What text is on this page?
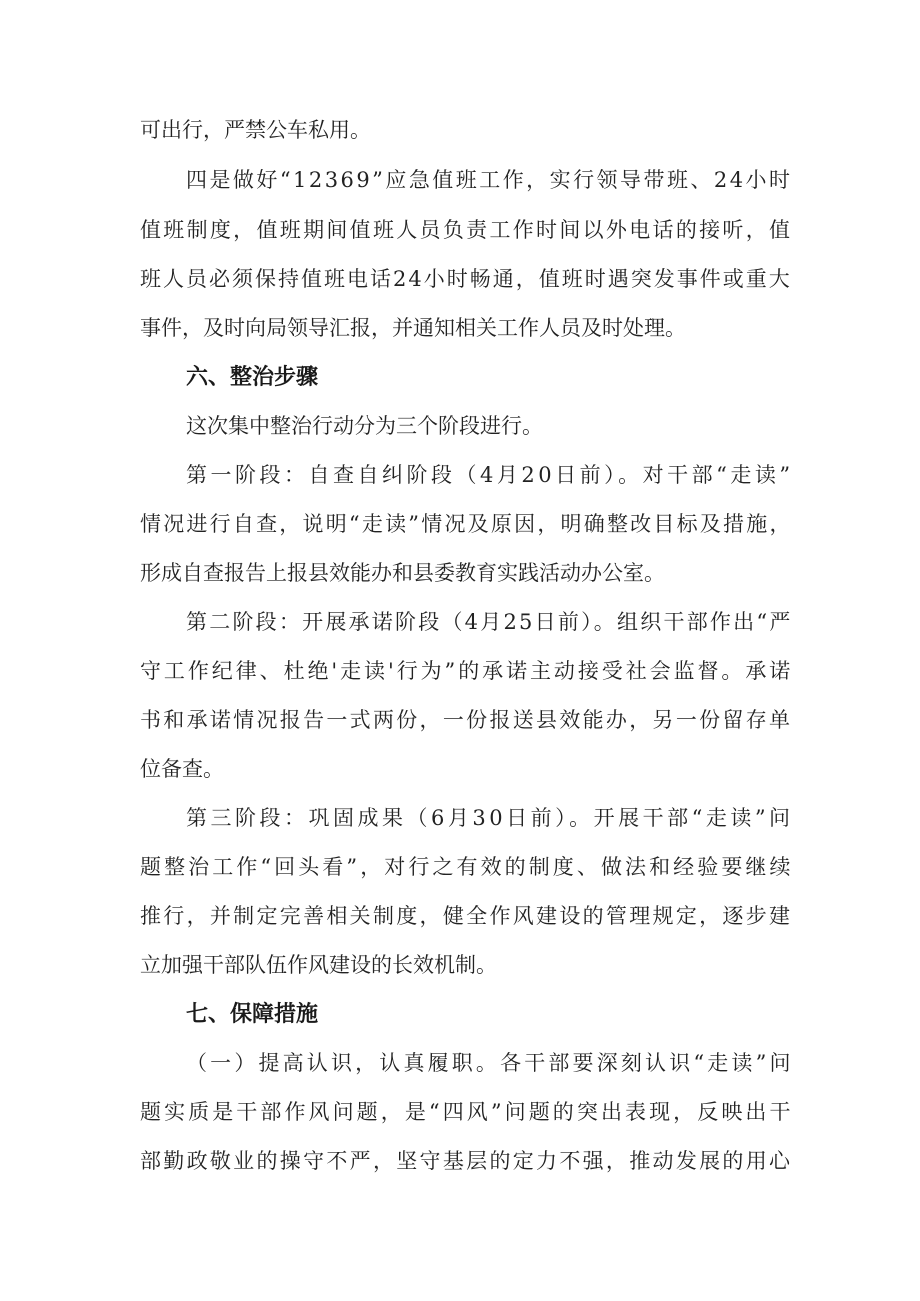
可出行，严禁公车私用。
四是做好“12369”应急值班工作，实行领导带班、24小时
值班制度，值班期间值班人员负责工作时间以外电话的接听，值
班人员必须保持值班电话24小时畅通，值班时遇突发事件或重大
事件，及时向局领导汇报，并通知相关工作人员及时处理。
六、整治步骤
这次集中整治行动分为三个阶段进行。
第一阶段：自查自纠阶段（4月20日前）。对干部“走读”
情况进行自查，说明“走读”情况及原因，明确整改目标及措施，
形成自查报告上报县效能办和县委教育实践活动办公室。
第二阶段：开展承诺阶段（4月25日前）。组织干部作出“严
守工作纪律、杜绝'走读'行为”的承诺主动接受社会监督。承诺
书和承诺情况报告一式两份，一份报送县效能办，另一份留存单
位备查。
第三阶段：巩固成果（6月30日前）。开展干部“走读”问
题整治工作“回头看”，对行之有效的制度、做法和经验要继续
推行，并制定完善相关制度，健全作风建设的管理规定，逐步建
立加强干部队伍作风建设的长效机制。
七、保障措施
（一）提高认识，认真履职。各干部要深刻认识“走读”问
题实质是干部作风问题，是“四风”问题的突出表现，反映出干
部勤政敬业的操守不严，坚守基层的定力不强，推动发展的用心
